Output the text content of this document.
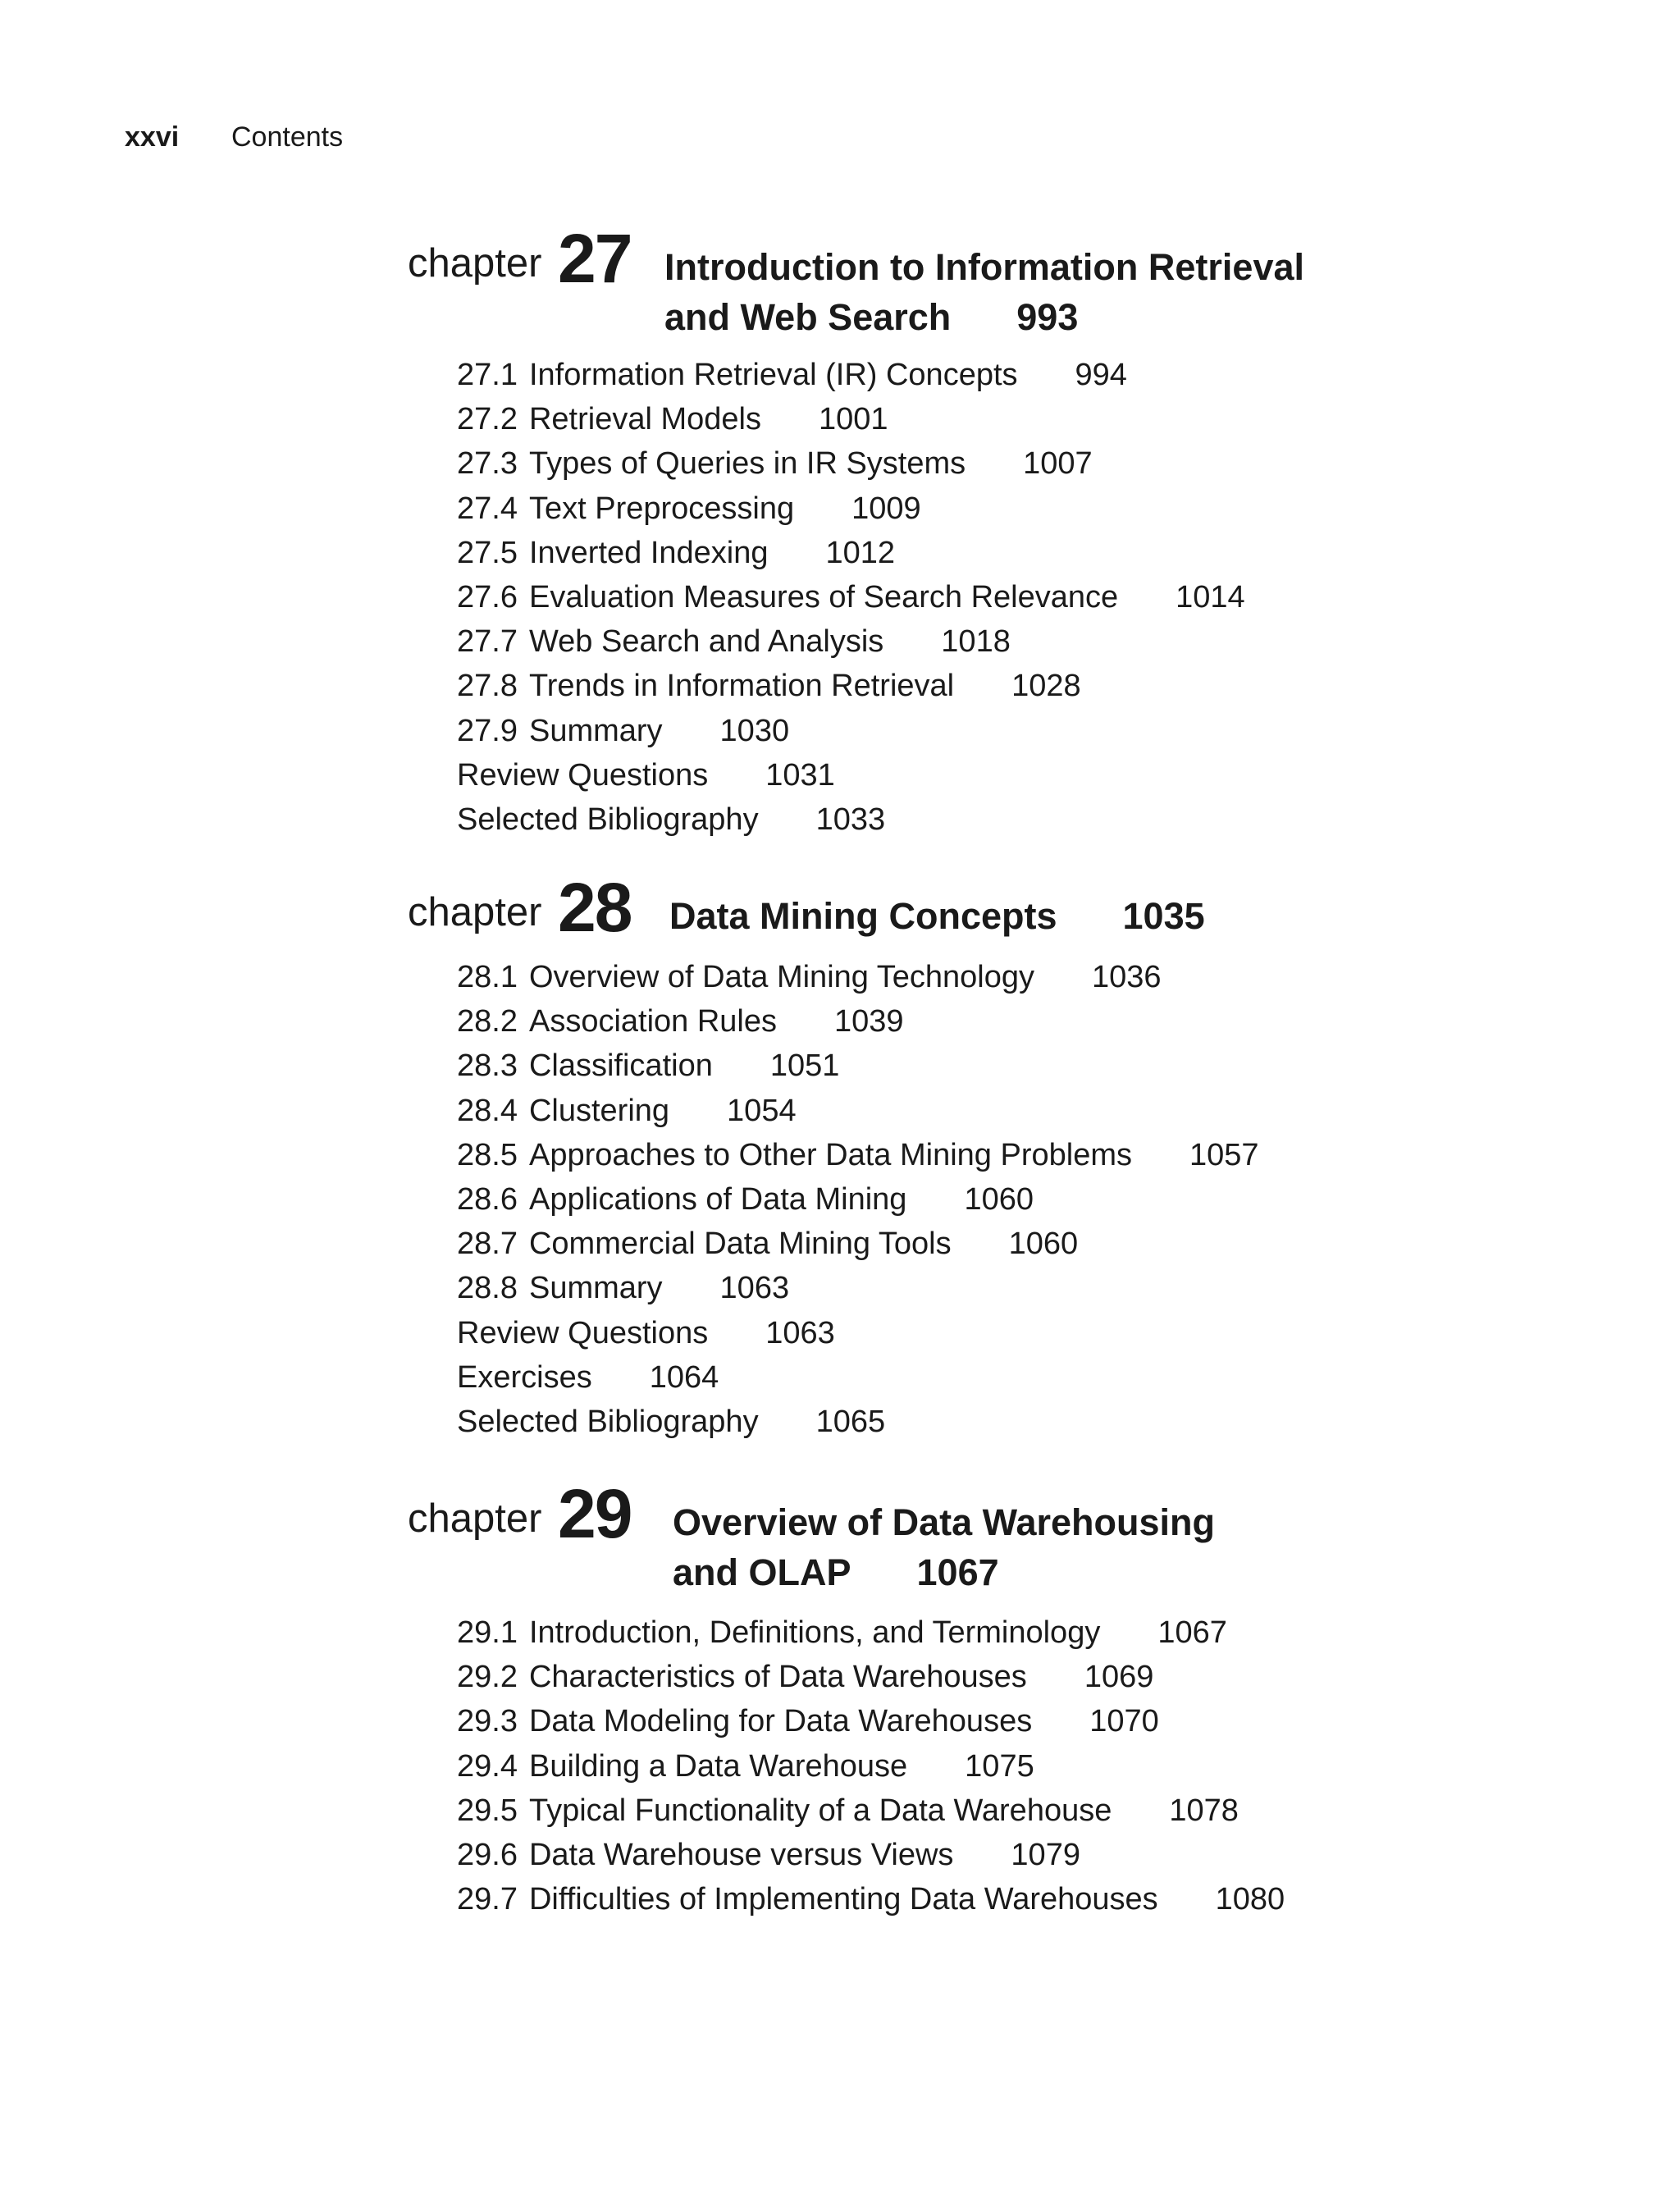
xxvi Contents
chapter 27 Introduction to Information Retrieval
and Web Search 993
27.1 Information Retrieval (IR) Concepts 994
27.2 Retrieval Models 1001
27.3 Types of Queries in IR Systems 1007
27.4 Text Preprocessing 1009
27.5 Inverted Indexing 1012
27.6 Evaluation Measures of Search Relevance 1014
27.7 Web Search and Analysis 1018
27.8 Trends in Information Retrieval 1028
27.9 Summary 1030
Review Questions 1031
Selected Bibliography 1033
chapter 28 Data Mining Concepts 1035
28.1 Overview of Data Mining Technology 1036
28.2 Association Rules 1039
28.3 Classification 1051
28.4 Clustering 1054
28.5 Approaches to Other Data Mining Problems 1057
28.6 Applications of Data Mining 1060
28.7 Commercial Data Mining Tools 1060
28.8 Summary 1063
Review Questions 1063
Exercises 1064
Selected Bibliography 1065
chapter 29 Overview of Data Warehousing
and OLAP 1067
29.1 Introduction, Definitions, and Terminology 1067
29.2 Characteristics of Data Warehouses 1069
29.3 Data Modeling for Data Warehouses 1070
29.4 Building a Data Warehouse 1075
29.5 Typical Functionality of a Data Warehouse 1078
29.6 Data Warehouse versus Views 1079
29.7 Difficulties of Implementing Data Warehouses 1080
